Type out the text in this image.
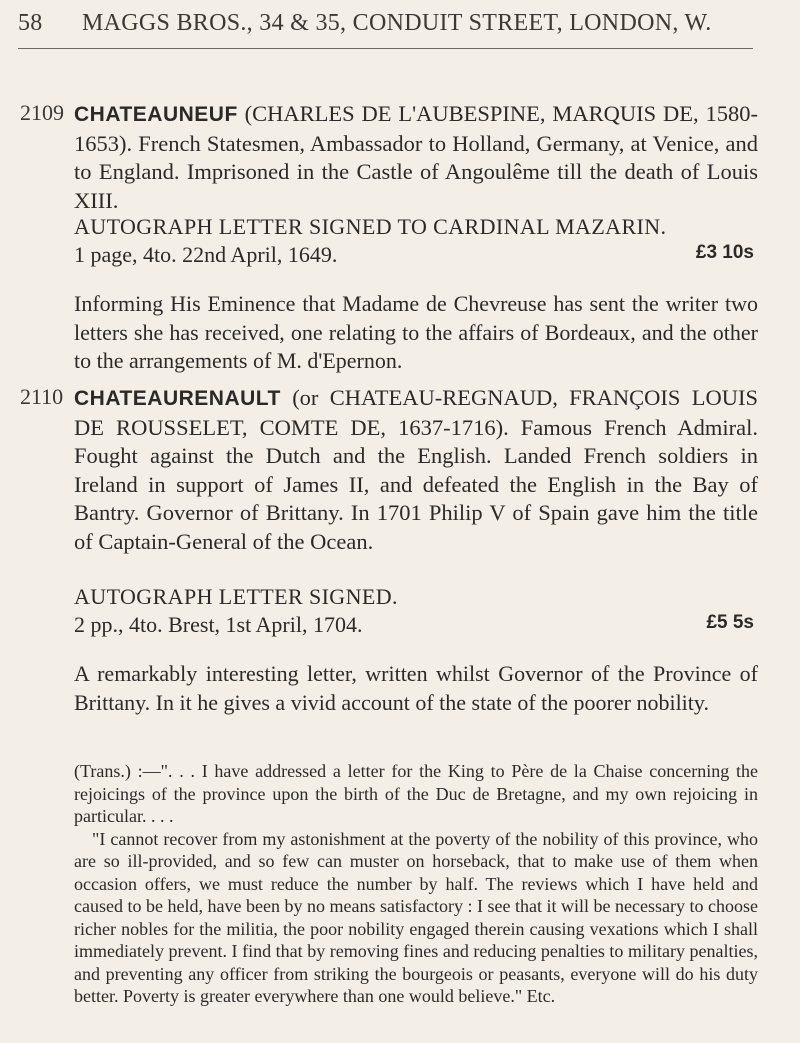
58	MAGGS BROS., 34 & 35, CONDUIT STREET, LONDON, W.
2109 CHATEAUNEUF (CHARLES DE L'AUBESPINE, MARQUIS DE, 1580-1653). French Statesmen, Ambassador to Holland, Germany, at Venice, and to England. Imprisoned in the Castle of Angoulême till the death of Louis XIII.

AUTOGRAPH LETTER SIGNED TO CARDINAL MAZARIN.
1 page, 4to. 22nd April, 1649.	£3 10s

Informing His Eminence that Madame de Chevreuse has sent the writer two letters she has received, one relating to the affairs of Bordeaux, and the other to the arrangements of M. d'Epernon.

2110 CHATEAURENAULT (or CHATEAU-REGNAUD, FRANÇOIS LOUIS DE ROUSSELET, COMTE DE, 1637-1716). Famous French Admiral. Fought against the Dutch and the English. Landed French soldiers in Ireland in support of James II, and defeated the English in the Bay of Bantry. Governor of Brittany. In 1701 Philip V of Spain gave him the title of Captain-General of the Ocean.

AUTOGRAPH LETTER SIGNED.
2 pp., 4to. Brest, 1st April, 1704.	£5 5s

A remarkably interesting letter, written whilst Governor of the Province of Brittany. In it he gives a vivid account of the state of the poorer nobility.

(Trans.) :—". . . I have addressed a letter for the King to Père de la Chaise concerning the rejoicings of the province upon the birth of the Duc de Bretagne, and my own rejoicing in particular. . . .

"I cannot recover from my astonishment at the poverty of the nobility of this province, who are so ill-provided, and so few can muster on horseback, that to make use of them when occasion offers, we must reduce the number by half. The reviews which I have held and caused to be held, have been by no means satisfactory : I see that it will be necessary to choose richer nobles for the militia, the poor nobility engaged therein causing vexations which I shall immediately prevent. I find that by removing fines and reducing penalties to military penalties, and preventing any officer from striking the bourgeois or peasants, everyone will do his duty better. Poverty is greater everywhere than one would believe." Etc.
